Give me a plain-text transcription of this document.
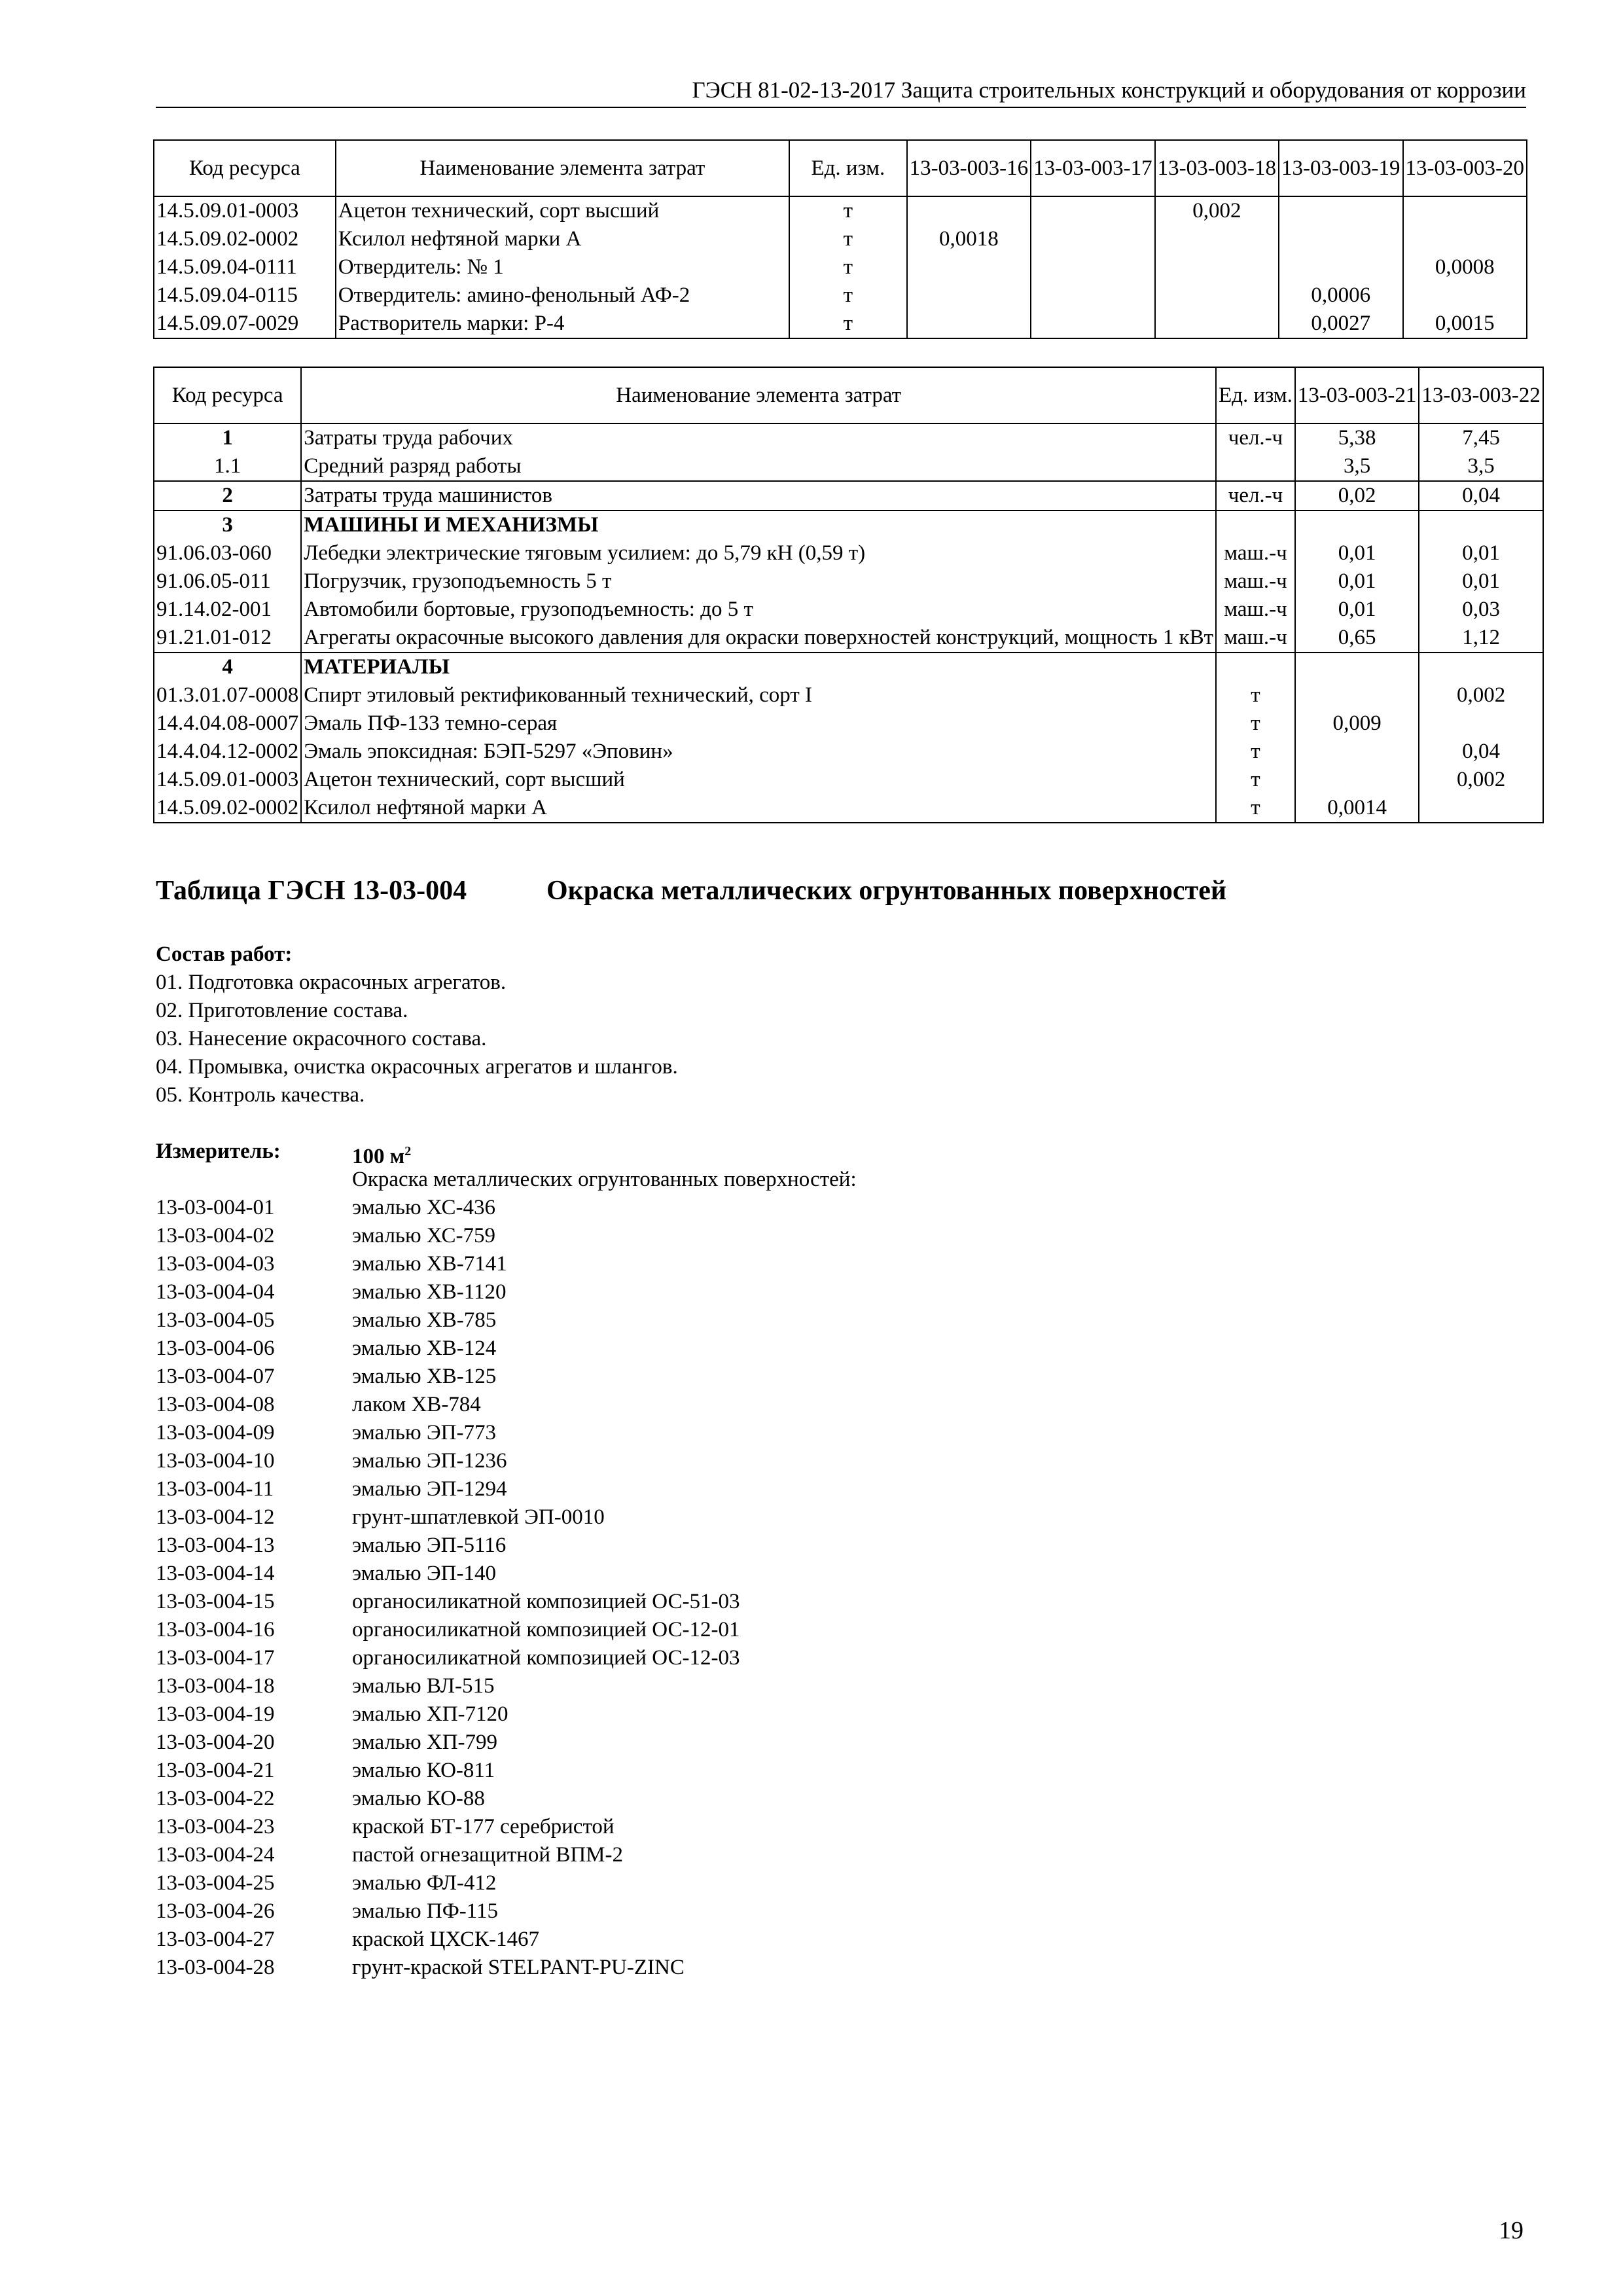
ГЭСН 81-02-13-2017 Защита строительных конструкций и оборудования от коррозии
Код ресурса	Наименование элемента затрат	Ед. изм.	13-03-003-16	13-03-003-17	13-03-003-18	13-03-003-19	13-03-003-20
14.5.09.01-0003	Ацетон технический, сорт высший	т			0,002		
14.5.09.02-0002	Ксилол нефтяной марки А	т	0,0018				
14.5.09.04-0111	Отвердитель: № 1	т					0,0008
14.5.09.04-0115	Отвердитель: амино-фенольный АФ-2	т				0,0006	
14.5.09.07-0029	Растворитель марки: Р-4	т				0,0027	0,0015
Код ресурса	Наименование элемента затрат	Ед. изм.	13-03-003-21	13-03-003-22
1	Затраты труда рабочих	чел.-ч	5,38	7,45
1.1	Средний разряд работы		3,5	3,5
2	Затраты труда машинистов	чел.-ч	0,02	0,04
3	МАШИНЫ И МЕХАНИЗМЫ			
91.06.03-060	Лебедки электрические тяговым усилием: до 5,79 кН (0,59 т)	маш.-ч	0,01	0,01
91.06.05-011	Погрузчик, грузоподъемность 5 т	маш.-ч	0,01	0,01
91.14.02-001	Автомобили бортовые, грузоподъемность: до 5 т	маш.-ч	0,01	0,03
91.21.01-012	Агрегаты окрасочные высокого давления для окраски поверхностей конструкций, мощность 1 кВт	маш.-ч	0,65	1,12
4	МАТЕРИАЛЫ			
01.3.01.07-0008	Спирт этиловый ректификованный технический, сорт I	т		0,002
14.4.04.08-0007	Эмаль ПФ-133 темно-серая	т	0,009	
14.4.04.12-0002	Эмаль эпоксидная: БЭП-5297 «Эповин»	т		0,04
14.5.09.01-0003	Ацетон технический, сорт высший	т		0,002
14.5.09.02-0002	Ксилол нефтяной марки А	т	0,0014	
Таблица ГЭСН 13-03-004	Окраска металлических огрунтованных поверхностей
Состав работ:
01. Подготовка окрасочных агрегатов.
02. Приготовление состава.
03. Нанесение окрасочного состава.
04. Промывка, очистка окрасочных агрегатов и шлангов.
05. Контроль качества.
Измеритель:	100 $м^2$
Окраска металлических огрунтованных поверхностей:
13-03-004-01	эмалью ХС-436
13-03-004-02	эмалью ХС-759
13-03-004-03	эмалью ХВ-7141
13-03-004-04	эмалью ХВ-1120
13-03-004-05	эмалью ХВ-785
13-03-004-06	эмалью ХВ-124
13-03-004-07	эмалью ХВ-125
13-03-004-08	лаком ХВ-784
13-03-004-09	эмалью ЭП-773
13-03-004-10	эмалью ЭП-1236
13-03-004-11	эмалью ЭП-1294
13-03-004-12	грунт-шпатлевкой ЭП-0010
13-03-004-13	эмалью ЭП-5116
13-03-004-14	эмалью ЭП-140
13-03-004-15	органосиликатной композицией ОС-51-03
13-03-004-16	органосиликатной композицией ОС-12-01
13-03-004-17	органосиликатной композицией ОС-12-03
13-03-004-18	эмалью ВЛ-515
13-03-004-19	эмалью ХП-7120
13-03-004-20	эмалью ХП-799
13-03-004-21	эмалью КО-811
13-03-004-22	эмалью КО-88
13-03-004-23	краской БТ-177 серебристой
13-03-004-24	пастой огнезащитной ВПМ-2
13-03-004-25	эмалью ФЛ-412
13-03-004-26	эмалью ПФ-115
13-03-004-27	краской ЦХСК-1467
13-03-004-28	грунт-краской STELPANT-PU-ZINC
19
